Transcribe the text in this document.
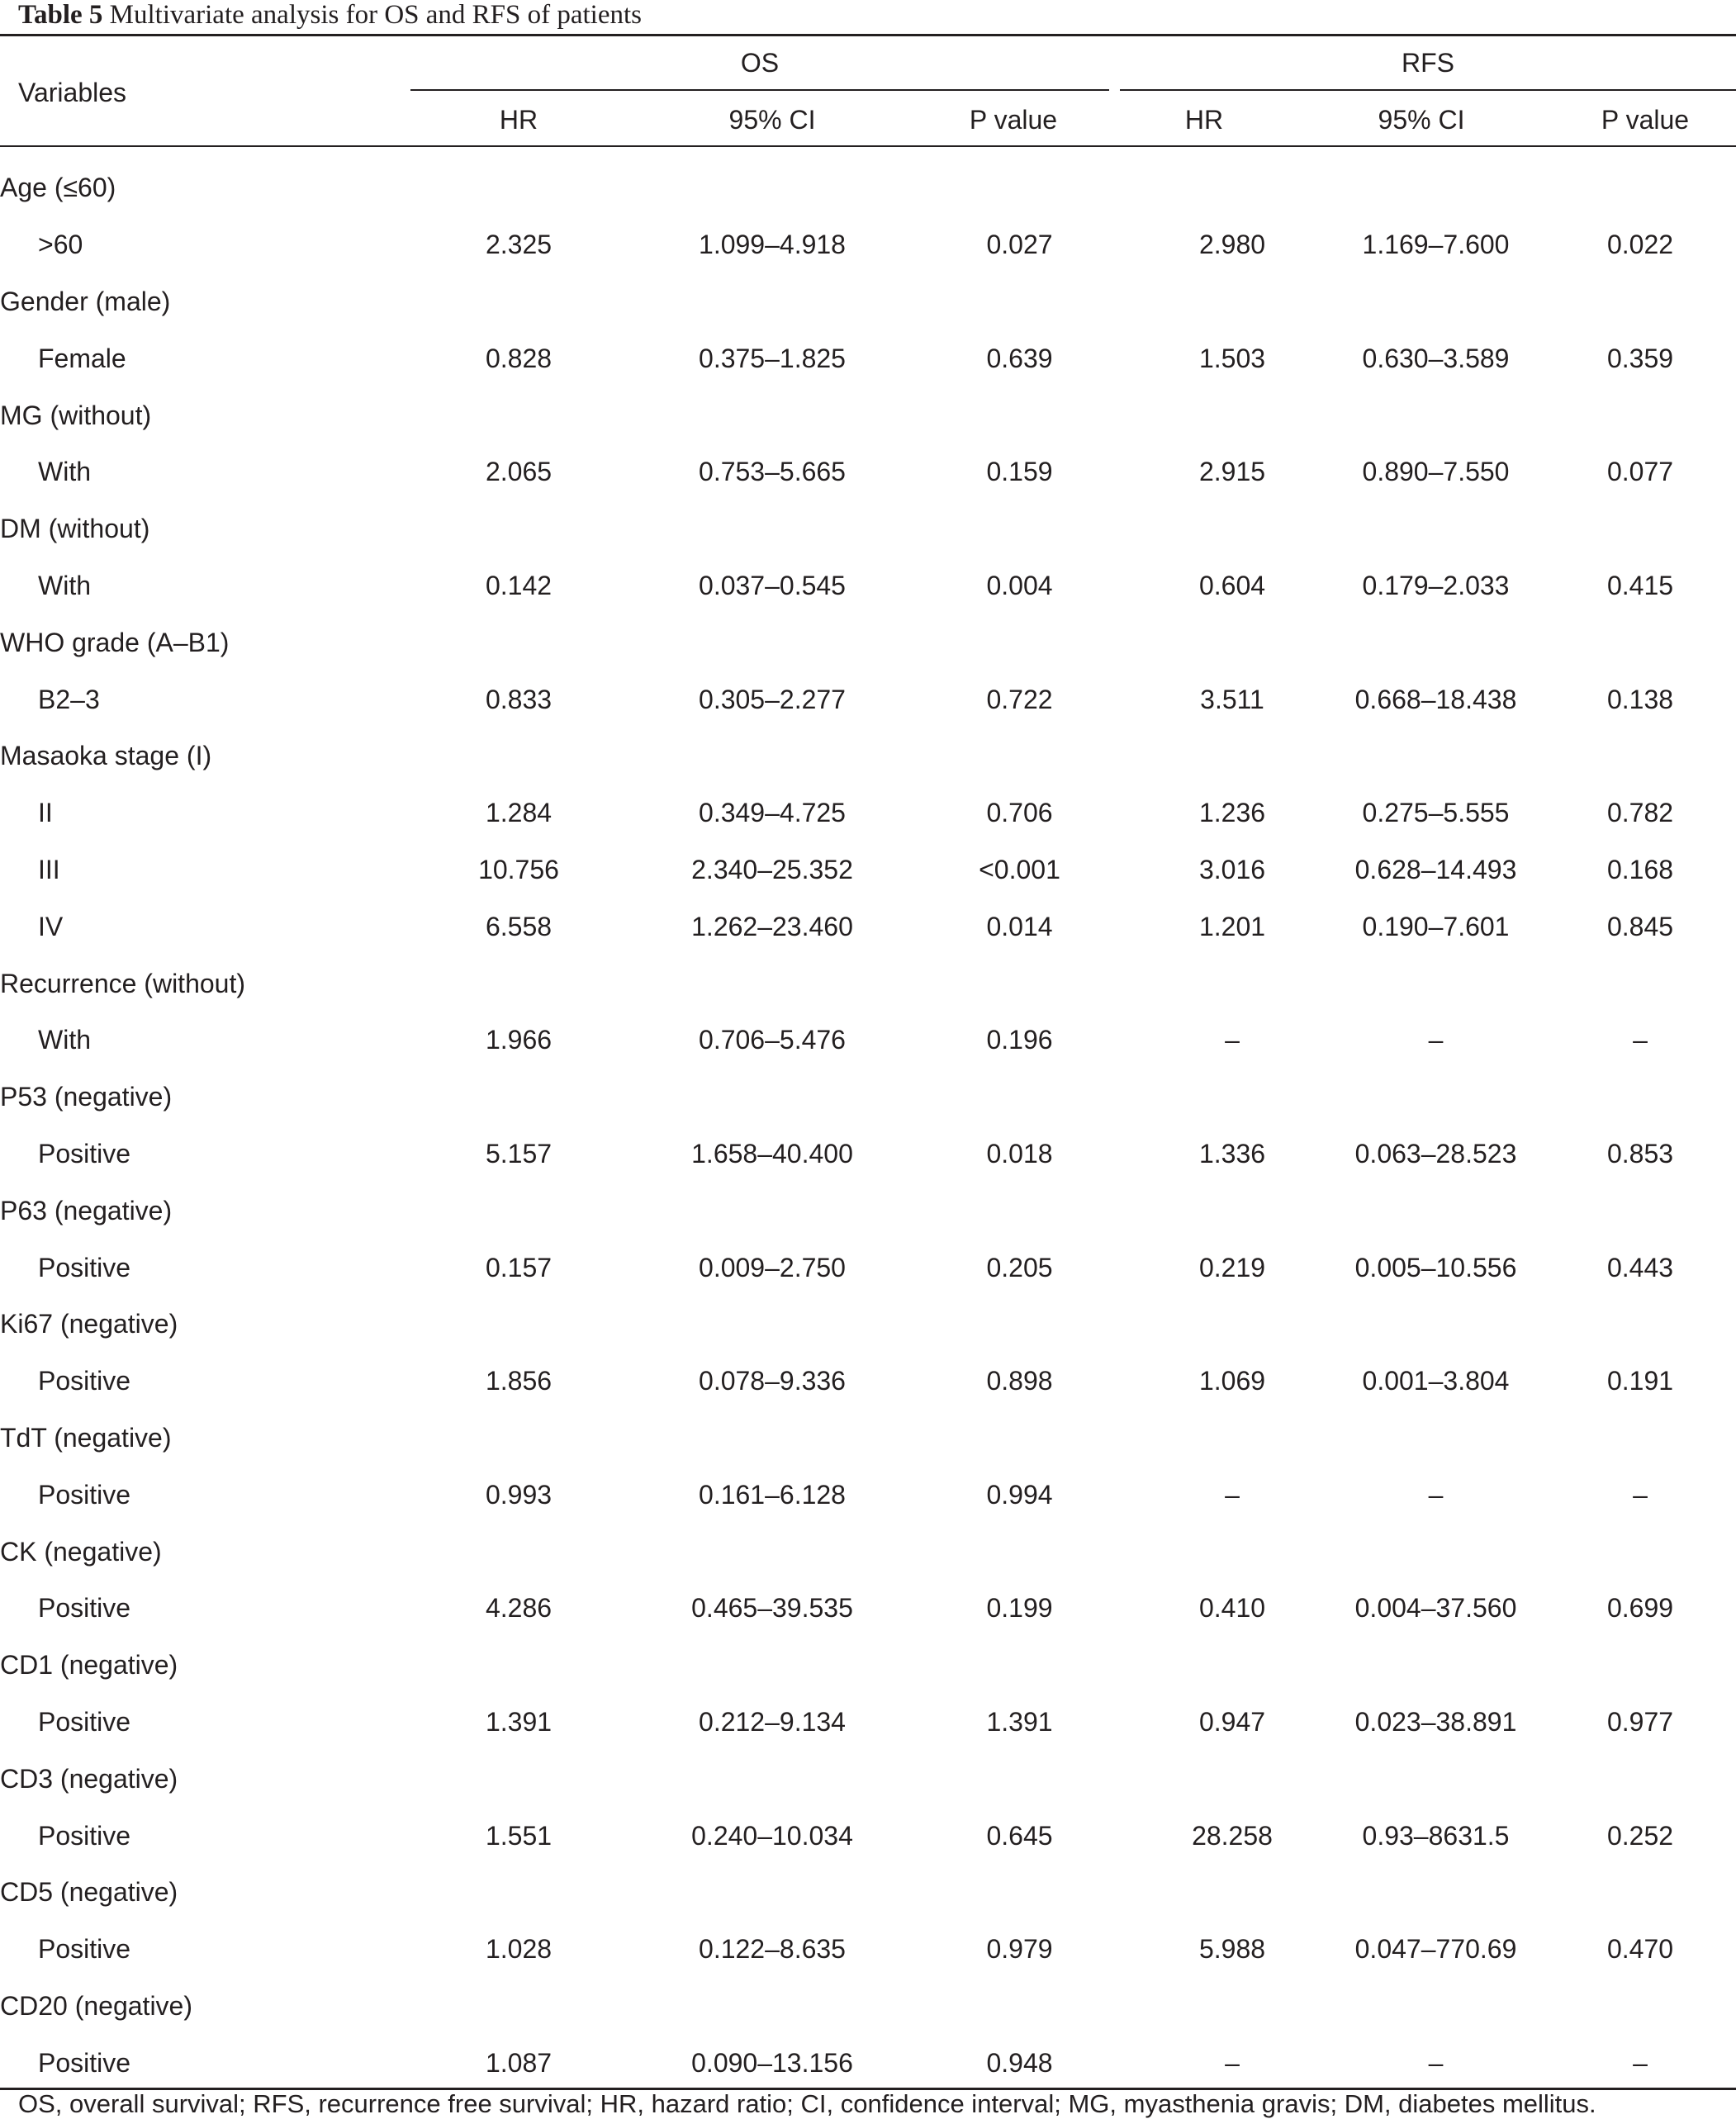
Table 5 Multivariate analysis for OS and RFS of patients
Variables
OS	RFS
HR	95% CI	P value	HR	95% CI	P value
Age (≤60)						
>60	2.325	1.099–4.918	0.027	2.980	1.169–7.600	0.022
Gender (male)						
Female	0.828	0.375–1.825	0.639	1.503	0.630–3.589	0.359
MG (without)						
With	2.065	0.753–5.665	0.159	2.915	0.890–7.550	0.077
DM (without)						
With	0.142	0.037–0.545	0.004	0.604	0.179–2.033	0.415
WHO grade (A–B1)						
B2–3	0.833	0.305–2.277	0.722	3.511	0.668–18.438	0.138
Masaoka stage (I)						
II	1.284	0.349–4.725	0.706	1.236	0.275–5.555	0.782
III	10.756	2.340–25.352	<0.001	3.016	0.628–14.493	0.168
IV	6.558	1.262–23.460	0.014	1.201	0.190–7.601	0.845
Recurrence (without)						
With	1.966	0.706–5.476	0.196	–	–	–
P53 (negative)						
Positive	5.157	1.658–40.400	0.018	1.336	0.063–28.523	0.853
P63 (negative)						
Positive	0.157	0.009–2.750	0.205	0.219	0.005–10.556	0.443
Ki67 (negative)						
Positive	1.856	0.078–9.336	0.898	1.069	0.001–3.804	0.191
TdT (negative)						
Positive	0.993	0.161–6.128	0.994	–	–	–
CK (negative)						
Positive	4.286	0.465–39.535	0.199	0.410	0.004–37.560	0.699
CD1 (negative)						
Positive	1.391	0.212–9.134	1.391	0.947	0.023–38.891	0.977
CD3 (negative)						
Positive	1.551	0.240–10.034	0.645	28.258	0.93–8631.5	0.252
CD5 (negative)						
Positive	1.028	0.122–8.635	0.979	5.988	0.047–770.69	0.470
CD20 (negative)						
Positive	1.087	0.090–13.156	0.948	–	–	–
OS, overall survival; RFS, recurrence free survival; HR, hazard ratio; CI, confidence interval; MG, myasthenia gravis; DM, diabetes mellitus.
